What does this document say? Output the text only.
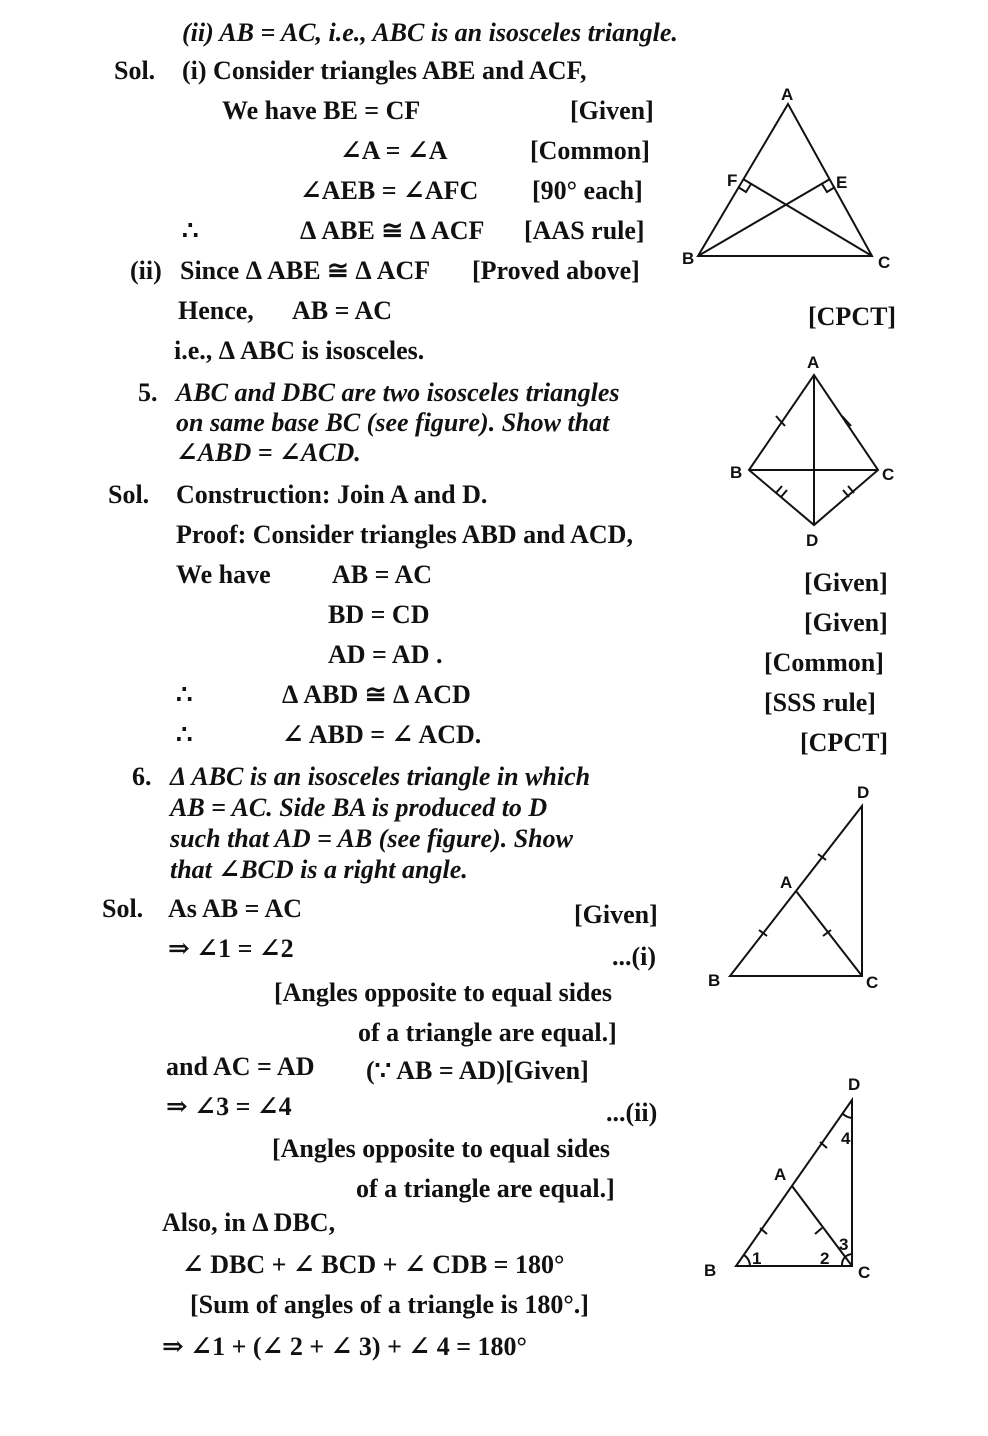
(ii) AB = AC, i.e., ABC is an isosceles triangle.
Sol. (i) Consider triangles ABE and ACF,
We have BE = CF	[Given]
∠A = ∠A	[Common]
∠AEB = ∠AFC [90° each]
∴	Δ ABE ≅ Δ ACF [AAS rule]
(ii) Since Δ ABE ≅ Δ ACF [Proved above]
Hence, AB = AC	[CPCT]
i.e., Δ ABC is isosceles.
5. ABC and DBC are two isosceles triangles
on same base BC (see figure). Show that
∠ABD = ∠ACD.
Sol. Construction: Join A and D.
Proof: Consider triangles ABD and ACD,
We have AB = AC	[Given]
BD = CD	[Given]
AD = AD .	[Common]
∴	Δ ABD ≅ Δ ACD	[SSS rule]
∴	∠ ABD = ∠ ACD.	[CPCT]
6. Δ ABC is an isosceles triangle in which
AB = AC. Side BA is produced to D
such that AD = AB (see figure). Show
that ∠BCD is a right angle.
Sol. As AB = AC	[Given]
⇒ ∠1 = ∠2	...(i)
[Angles opposite to equal sides
of a triangle are equal.]
and AC = AD (∵ AB = AD)[Given]
⇒ ∠3 = ∠4	...(ii)
[Angles opposite to equal sides
of a triangle are equal.]
Also, in Δ DBC,
∠ DBC + ∠ BCD + ∠ CDB = 180°
[Sum of angles of a triangle is 180°.]
⇒ ∠1 + (∠ 2 + ∠ 3) + ∠ 4 = 180°
A
B	C
E
F
A
B	C
D
D
A
B	C
D
A
B	C
1	2
3
4
